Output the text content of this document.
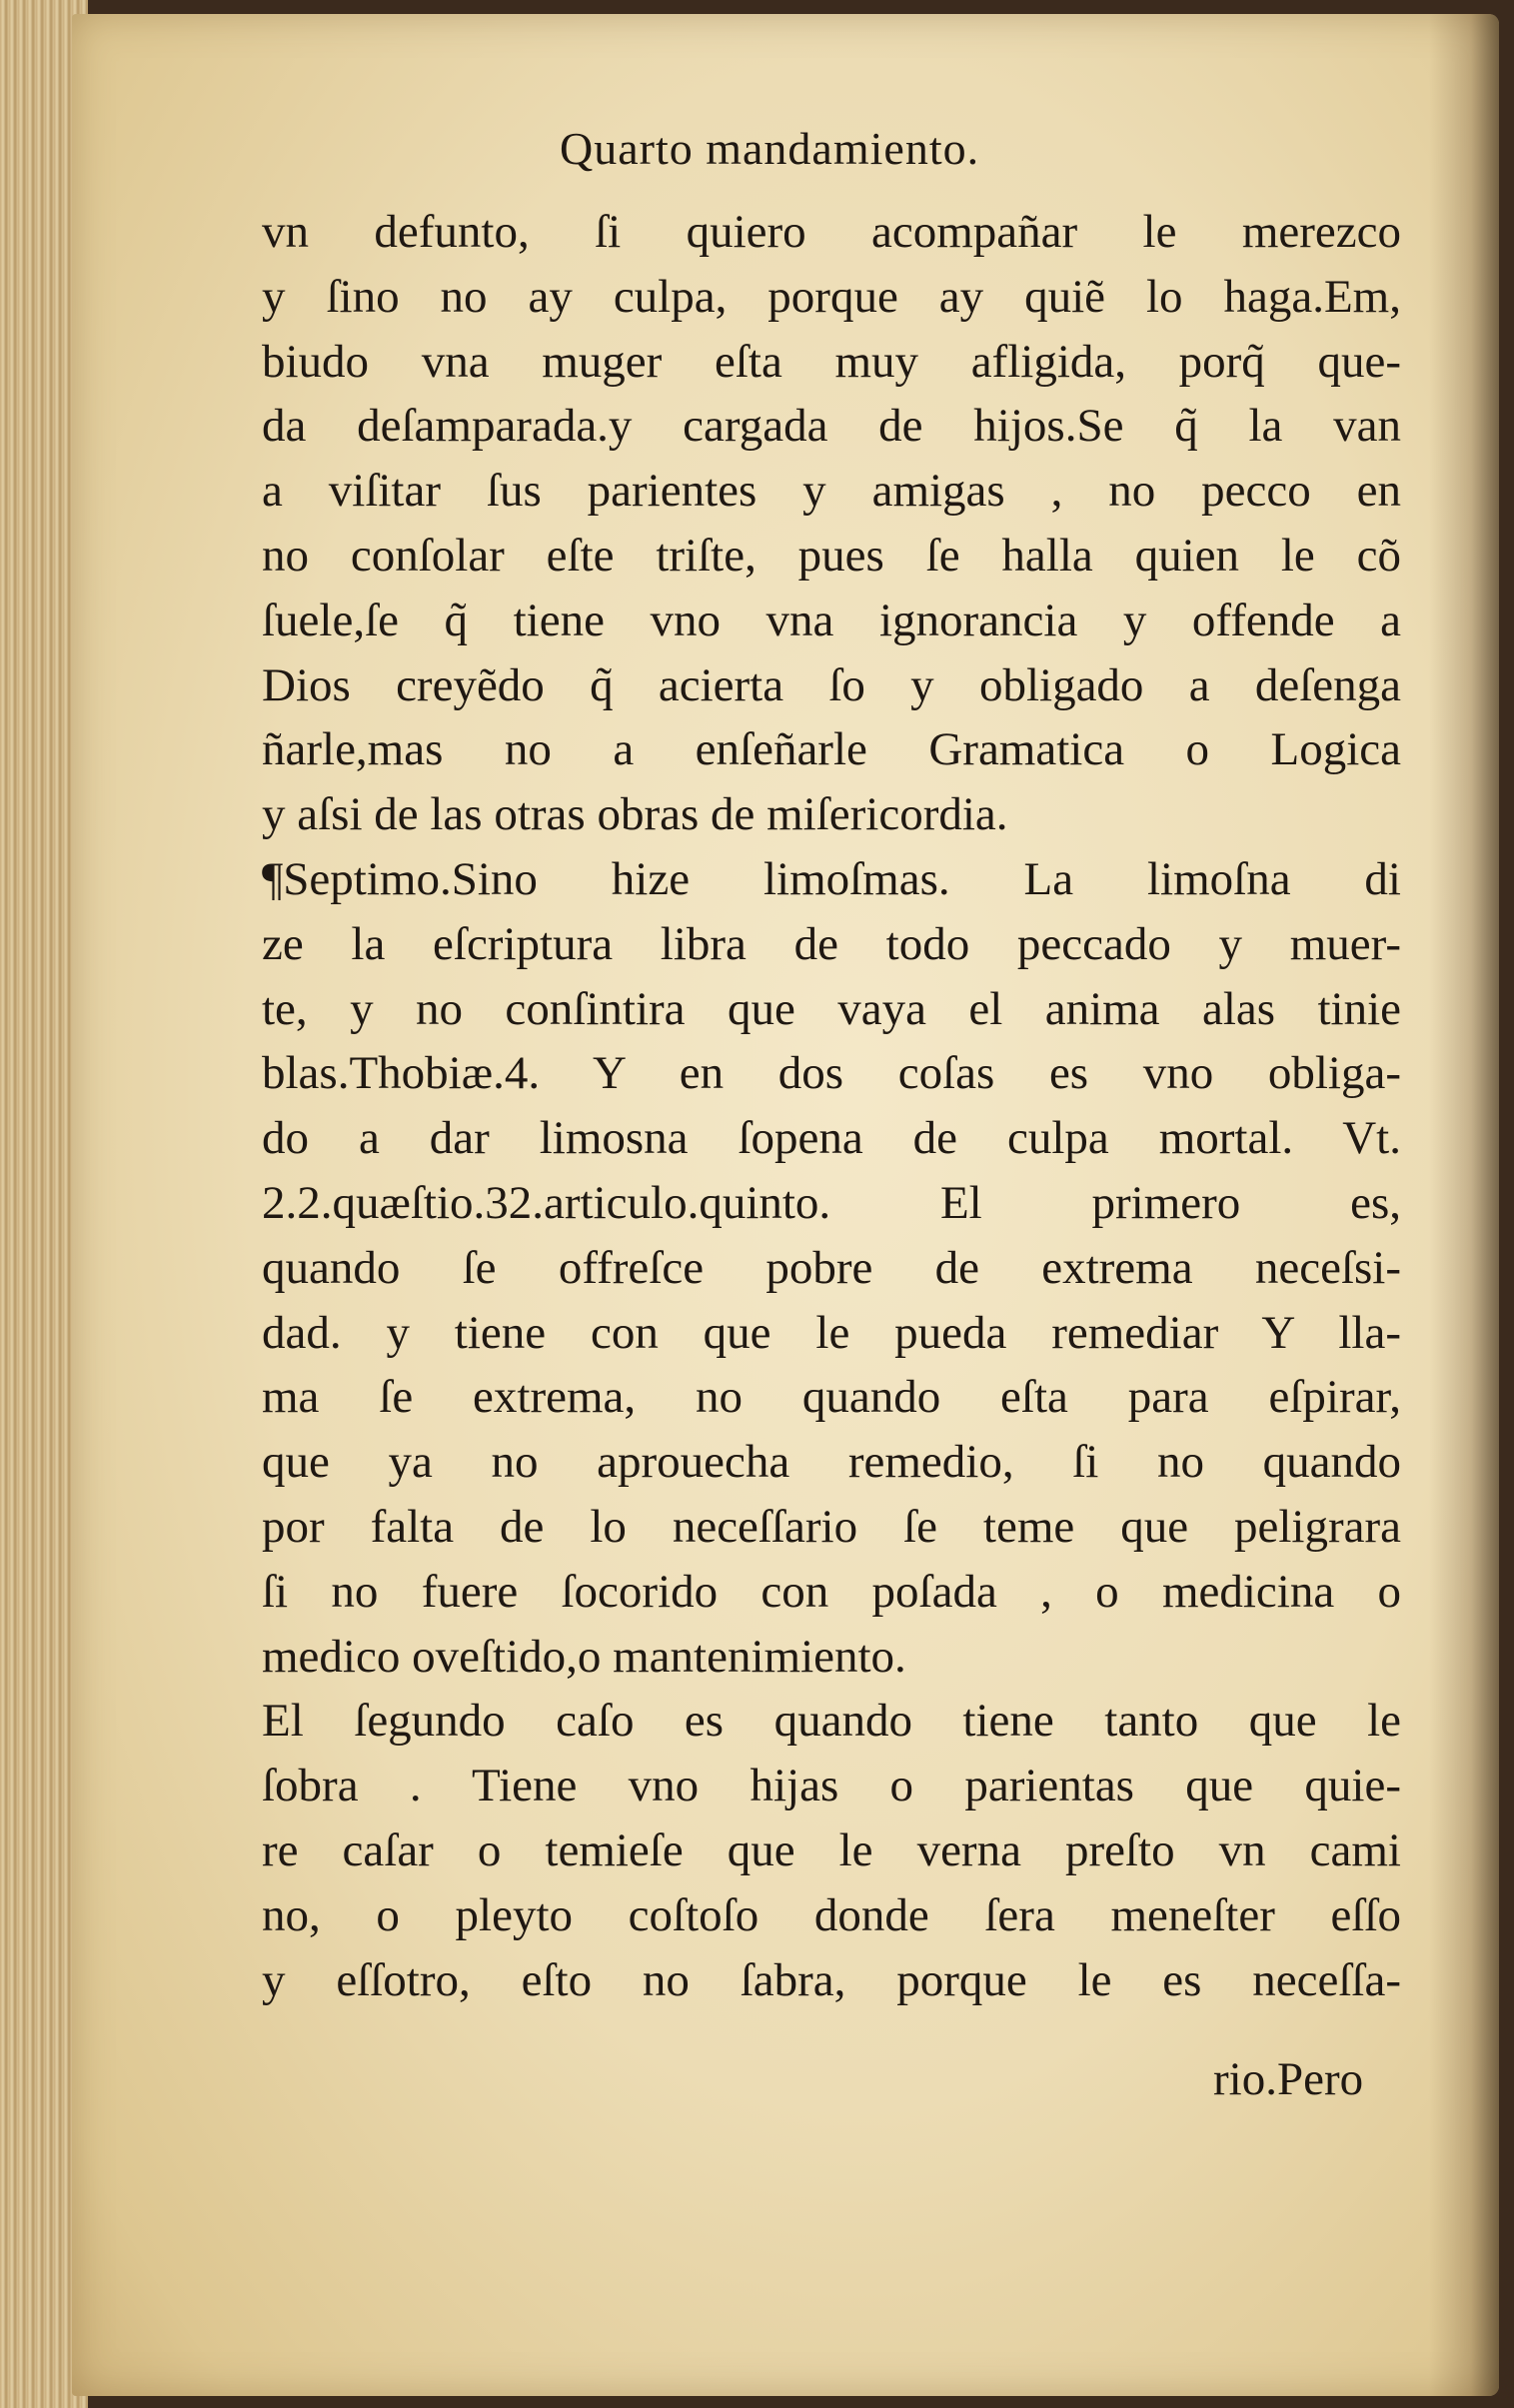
Quarto mandamiento.
vn defunto, ſi quiero acompañar le merezco
y ſino no ay culpa, porque ay quiẽ lo haga.Em,
biudo vna muger eſta muy afligida, porq̃ que-
da deſamparada.y cargada de hijos.Se q̃ la van
a viſitar ſus parientes y amigas , no pecco en
no conſolar eſte triſte, pues ſe halla quien le cõ
ſuele,ſe q̃ tiene vno vna ignorancia y offende a
Dios creyẽdo q̃ acierta ſo y obligado a deſenga
ñarle,mas no a enſeñarle Gramatica o Logica
y aſsi de las otras obras de miſericordia.
¶Septimo.Sino hize limoſmas. La limoſna di
ze la eſcriptura libra de todo peccado y muer-
te, y no conſintira que vaya el anima alas tinie
blas.Thobiæ.4. Y en dos coſas es vno obliga-
do a dar limosna ſopena de culpa mortal. Vt.
2.2.quæſtio.32.articulo.quinto. El primero es,
quando ſe offreſce pobre de extrema neceſsi-
dad. y tiene con que le pueda remediar Y lla-
ma ſe extrema, no quando eſta para eſpirar,
que ya no aprouecha remedio, ſi no quando
por falta de lo neceſſario ſe teme que peligrara
ſi no fuere ſocorido con poſada , o medicina o
medico oveſtido,o mantenimiento.
El ſegundo caſo es quando tiene tanto que le
ſobra . Tiene vno hijas o parientas que quie-
re caſar o temieſe que le verna preſto vn cami
no, o pleyto coſtoſo donde ſera meneſter eſſo
y eſſotro, eſto no ſabra, porque le es neceſſa-
rio.Pero
